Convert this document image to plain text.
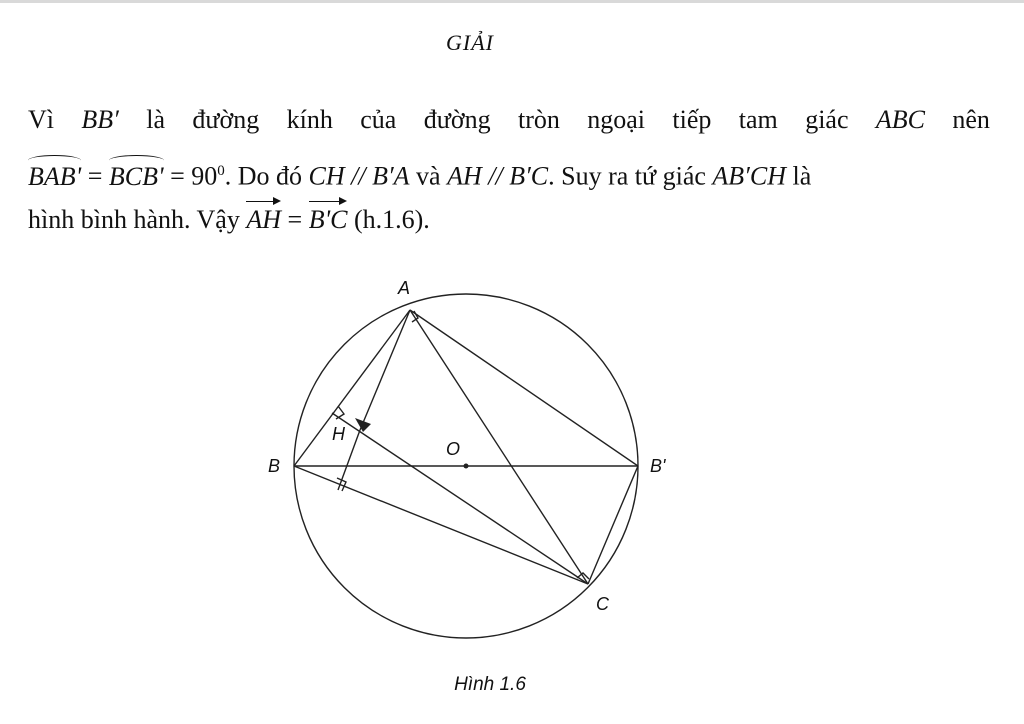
GIẢI
Vì BB′ là đường kính của đường tròn ngoại tiếp tam giác ABC nên
$BAB' = BCB' = 90^0$. Do đó CH // B′A và AH // B′C. Suy ra tứ giác AB′CH là
hình bình hành. Vậy AH = B'C (h.1.6).
A
B	B'
C
H
O
Hình 1.6
